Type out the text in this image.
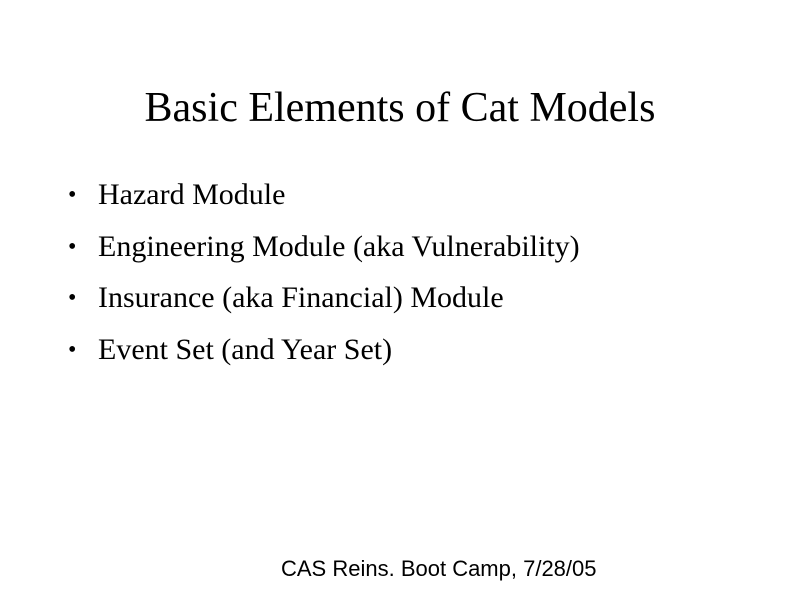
Basic Elements of Cat Models
• Hazard Module
• Engineering Module (aka Vulnerability)
• Insurance (aka Financial) Module
• Event Set (and Year Set)
CAS Reins. Boot Camp, 7/28/05
